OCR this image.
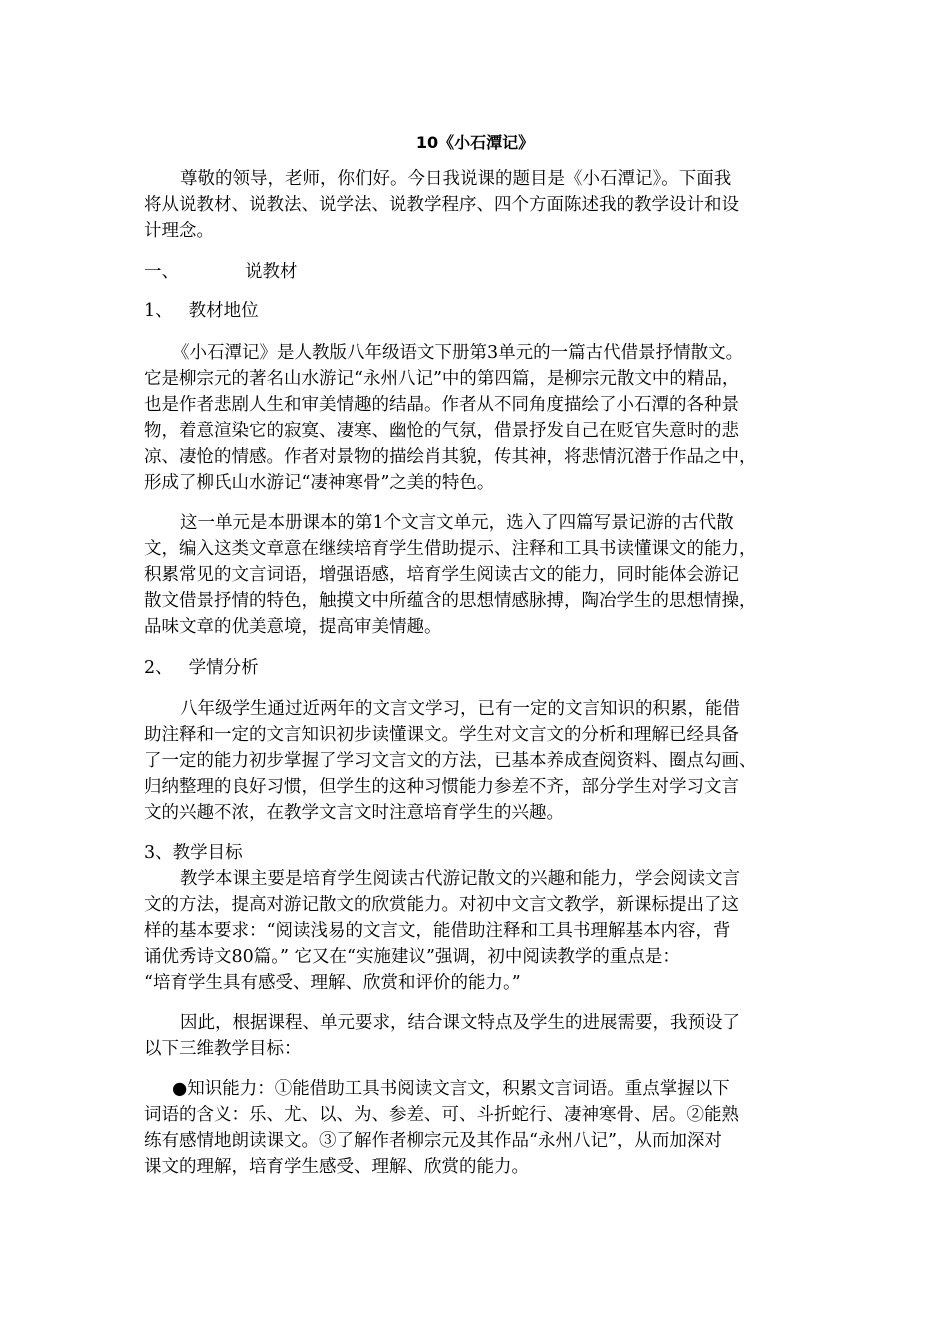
10《小石潭记》
尊敬的领导，老师，你们好。今日我说课的题目是《小石潭记》。下面我
将从说教材、说教法、说学法、说教学程序、四个方面陈述我的教学设计和设
计理念。
一、	说教材
1、 教材地位
《小石潭记》是人教版八年级语文下册第3单元的一篇古代借景抒情散文。
它是柳宗元的著名山水游记“永州八记”中的第四篇，是柳宗元散文中的精品，
也是作者悲剧人生和审美情趣的结晶。作者从不同角度描绘了小石潭的各种景
物，着意渲染它的寂寞、凄寒、幽怆的气氛，借景抒发自己在贬官失意时的悲
凉、凄怆的情感。作者对景物的描绘肖其貌，传其神，将悲情沉潜于作品之中，
形成了柳氏山水游记“凄神寒骨”之美的特色。
这一单元是本册课本的第1个文言文单元，选入了四篇写景记游的古代散
文，编入这类文章意在继续培育学生借助提示、注释和工具书读懂课文的能力，
积累常见的文言词语，增强语感，培育学生阅读古文的能力，同时能体会游记
散文借景抒情的特色，触摸文中所蕴含的思想情感脉搏，陶冶学生的思想情操，
品味文章的优美意境，提高审美情趣。
2、 学情分析
八年级学生通过近两年的文言文学习，已有一定的文言知识的积累，能借
助注释和一定的文言知识初步读懂课文。学生对文言文的分析和理解已经具备
了一定的能力初步掌握了学习文言文的方法，已基本养成查阅资料、圈点勾画、
归纳整理的良好习惯，但学生的这种习惯能力参差不齐，部分学生对学习文言
文的兴趣不浓，在教学文言文时注意培育学生的兴趣。
3、教学目标
教学本课主要是培育学生阅读古代游记散文的兴趣和能力，学会阅读文言
文的方法，提高对游记散文的欣赏能力。对初中文言文教学，新课标提出了这
样的基本要求：“阅读浅易的文言文，能借助注释和工具书理解基本内容，背
诵优秀诗文80篇。” 它又在“实施建议”强调，初中阅读教学的重点是：
“培育学生具有感受、理解、欣赏和评价的能力。”
因此，根据课程、单元要求，结合课文特点及学生的进展需要，我预设了
以下三维教学目标：
●知识能力：①能借助工具书阅读文言文，积累文言词语。重点掌握以下
词语的含义：乐、尤、以、为、参差、可、斗折蛇行、凄神寒骨、居。②能熟
练有感情地朗读课文。③了解作者柳宗元及其作品“永州八记”，从而加深对
课文的理解，培育学生感受、理解、欣赏的能力。
